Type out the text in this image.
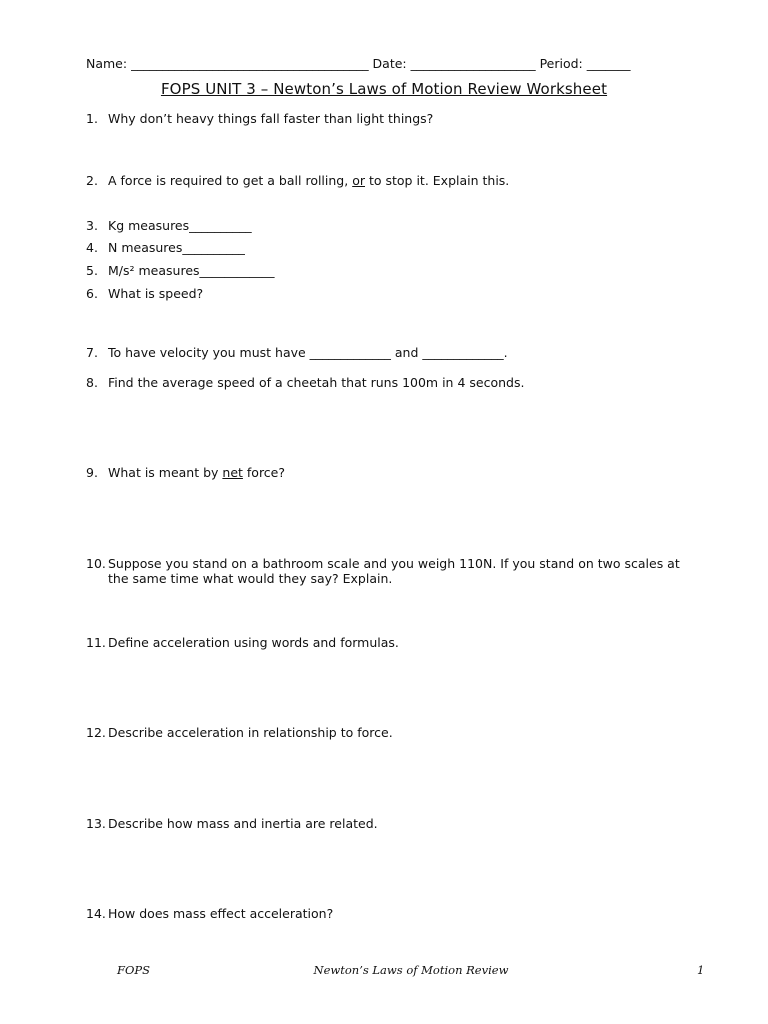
Name: ______________________________________ Date: ____________________ Period: _______
FOPS UNIT 3 – Newton’s Laws of Motion Review Worksheet
1. Why don’t heavy things fall faster than light things?
2. A force is required to get a ball rolling, or to stop it. Explain this.
3. Kg measures__________
4. N measures__________
5. M/s² measures____________
6. What is speed?
7. To have velocity you must have _____________ and _____________.
8. Find the average speed of a cheetah that runs 100m in 4 seconds.
9. What is meant by net force?
10. Suppose you stand on a bathroom scale and you weigh 110N. If you stand on two scales at the same time what would they say? Explain.
11. Define acceleration using words and formulas.
12. Describe acceleration in relationship to force.
13. Describe how mass and inertia are related.
14. How does mass effect acceleration?
FOPS	Newton’s Laws of Motion Review	1
